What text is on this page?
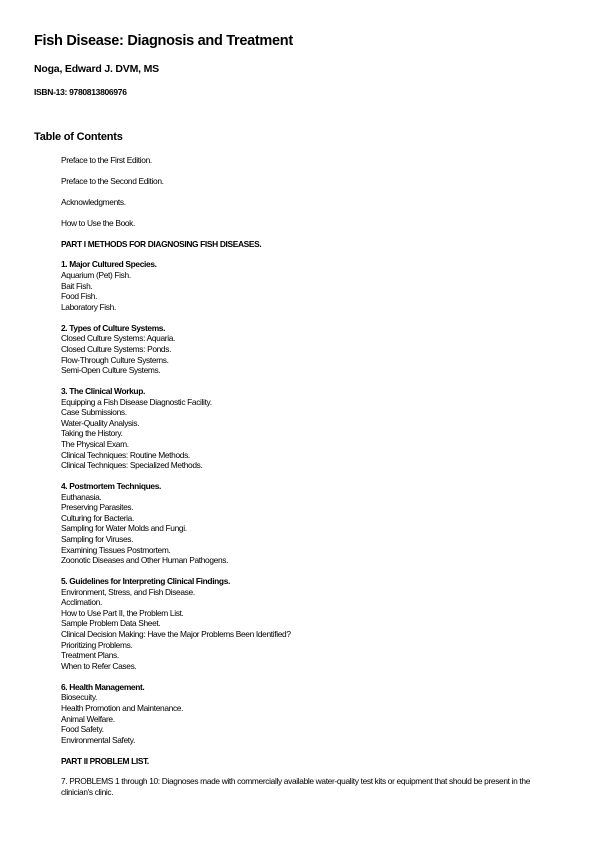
Fish Disease: Diagnosis and Treatment
Noga, Edward J. DVM, MS
ISBN-13: 9780813806976
Table of Contents
Preface to the First Edition.
Preface to the Second Edition.
Acknowledgments.
How to Use the Book.
PART I METHODS FOR DIAGNOSING FISH DISEASES.
1. Major Cultured Species.
Aquarium (Pet) Fish.
Bait Fish.
Food Fish.
Laboratory Fish.
2. Types of Culture Systems.
Closed Culture Systems: Aquaria.
Closed Culture Systems: Ponds.
Flow-Through Culture Systems.
Semi-Open Culture Systems.
3. The Clinical Workup.
Equipping a Fish Disease Diagnostic Facility.
Case Submissions.
Water-Quality Analysis.
Taking the History.
The Physical Exam.
Clinical Techniques: Routine Methods.
Clinical Techniques: Specialized Methods.
4. Postmortem Techniques.
Euthanasia.
Preserving Parasites.
Culturing for Bacteria.
Sampling for Water Molds and Fungi.
Sampling for Viruses.
Examining Tissues Postmortem.
Zoonotic Diseases and Other Human Pathogens.
5. Guidelines for Interpreting Clinical Findings.
Environment, Stress, and Fish Disease.
Acclimation.
How to Use Part II, the Problem List.
Sample Problem Data Sheet.
Clinical Decision Making: Have the Major Problems Been Identified?
Prioritizing Problems.
Treatment Plans.
When to Refer Cases.
6. Health Management.
Biosecuity.
Health Promotion and Maintenance.
Animal Welfare.
Food Safety.
Environmental Safety.
PART II PROBLEM LIST.
7. PROBLEMS 1 through 10: Diagnoses made with commercially available water-quality test kits or equipment that should be present in the clinician's clinic.
